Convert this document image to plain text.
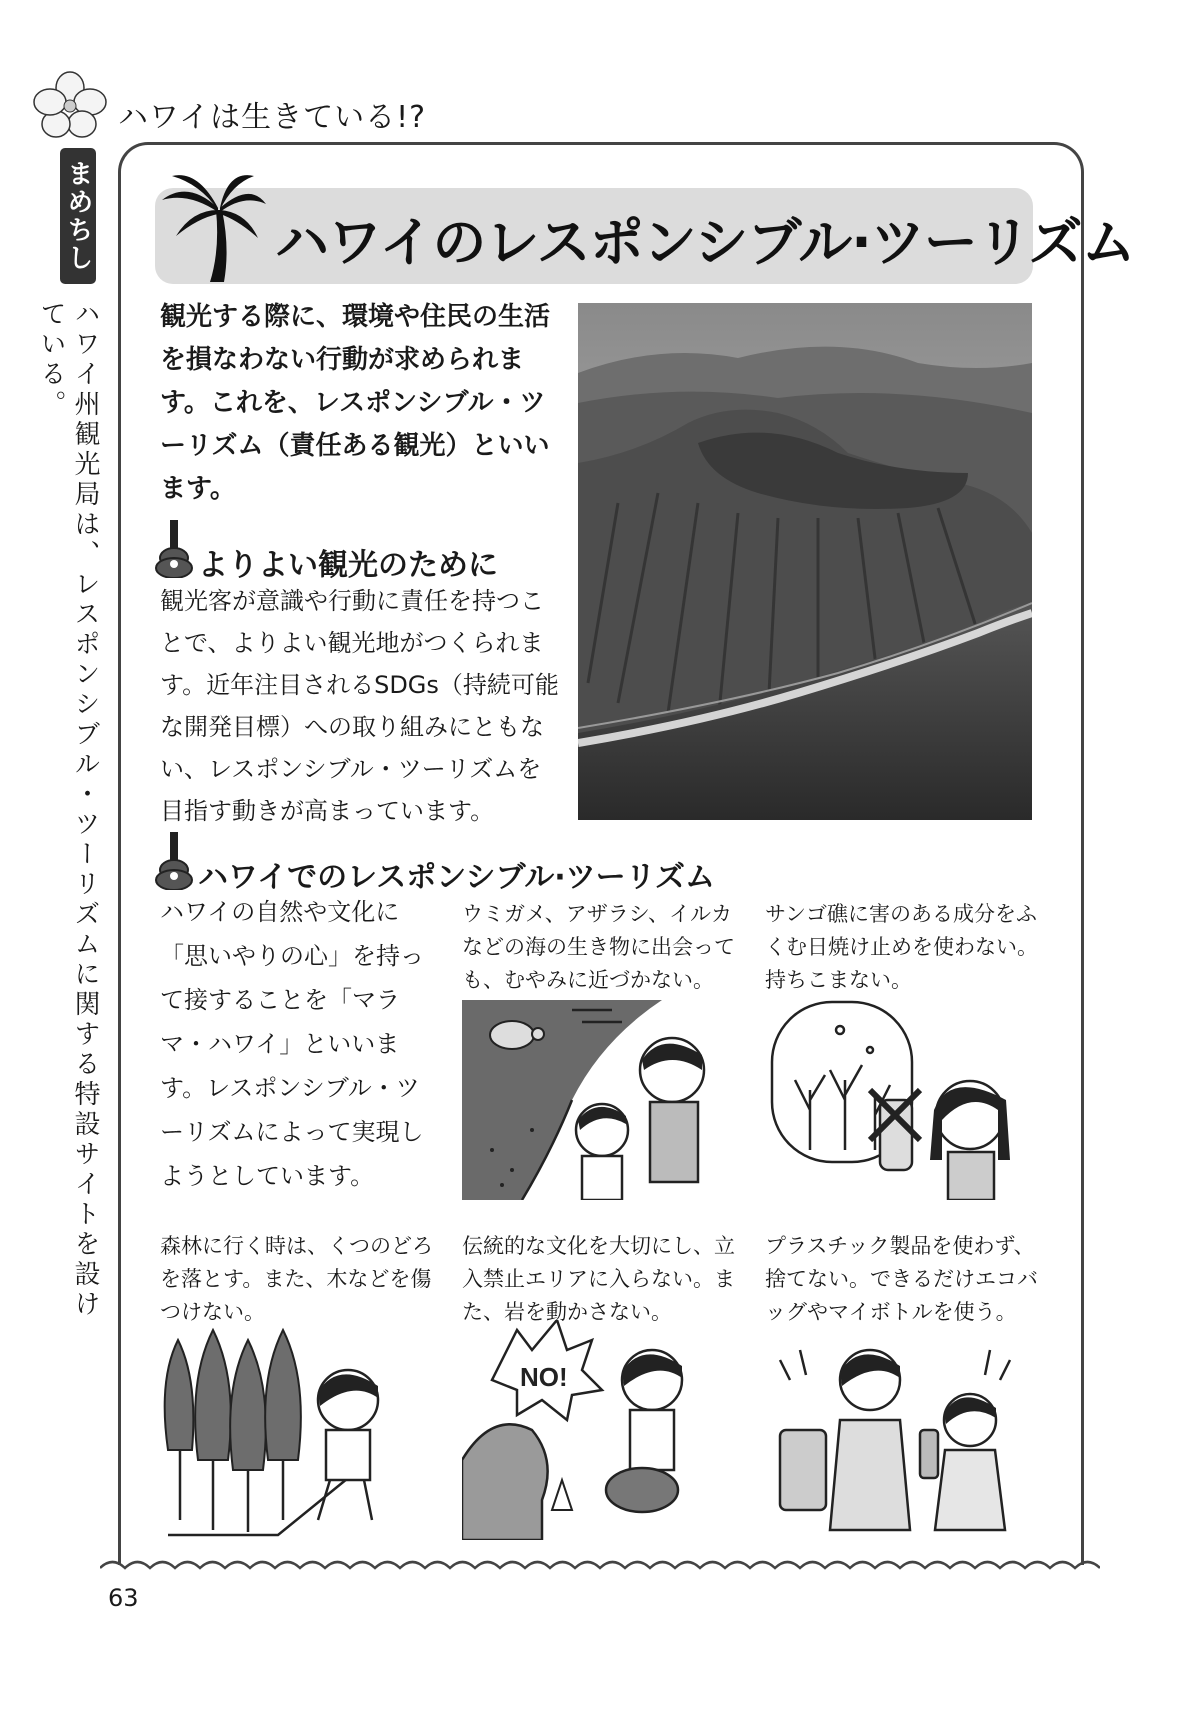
ハワイは生きている!?
まめちしき
ハワイ州観光局は、レスポンシブル・ツーリズムに関する特設サイトを設けている。
ハワイのレスポンシブル·ツーリズム
観光する際に、環境や住民の生活を損なわない行動が求められます。これを、レスポンシブル・ツーリズム（責任ある観光）といいます。
よりよい観光のために
観光客が意識や行動に責任を持つことで、よりよい観光地がつくられます。近年注目されるSDGs（持続可能な開発目標）への取り組みにともない、レスポンシブル・ツーリズムを目指す動きが高まっています。
ハワイでのレスポンシブル·ツーリズム
ハワイの自然や文化に「思いやりの心」を持って接することを「マラマ・ハワイ」といいます。レスポンシブル・ツーリズムによって実現しようとしています。
ウミガメ、アザラシ、イルカなどの海の生き物に出会っても、むやみに近づかない。
サンゴ礁に害のある成分をふくむ日焼け止めを使わない。持ちこまない。
森林に行く時は、くつのどろを落とす。また、木などを傷つけない。
伝統的な文化を大切にし、立入禁止エリアに入らない。また、岩を動かさない。
プラスチック製品を使わず、捨てない。できるだけエコバッグやマイボトルを使う。
NO!
63
